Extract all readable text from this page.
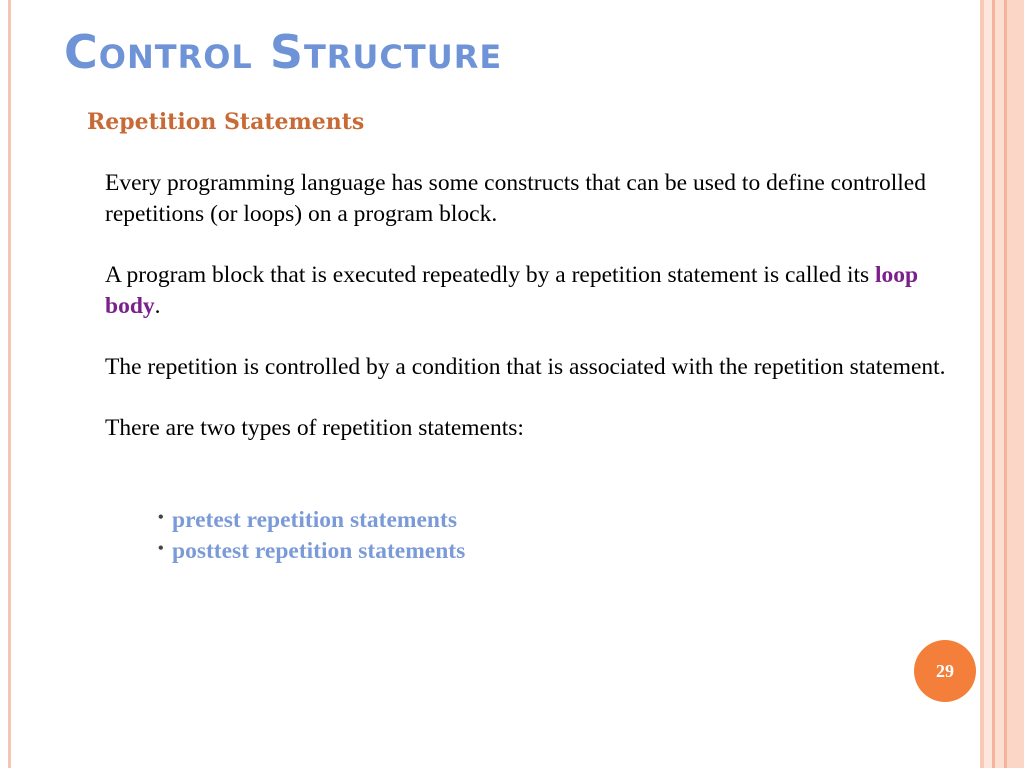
Control Structure
Repetition Statements

Every programming language has some constructs that can be used to define controlled repetitions (or loops) on a program block.

A program block that is executed repeatedly by a repetition statement is called its loop body.

The repetition is controlled by a condition that is associated with the repetition statement.

There are two types of repetition statements:

• pretest repetition statements
• posttest repetition statements
29
